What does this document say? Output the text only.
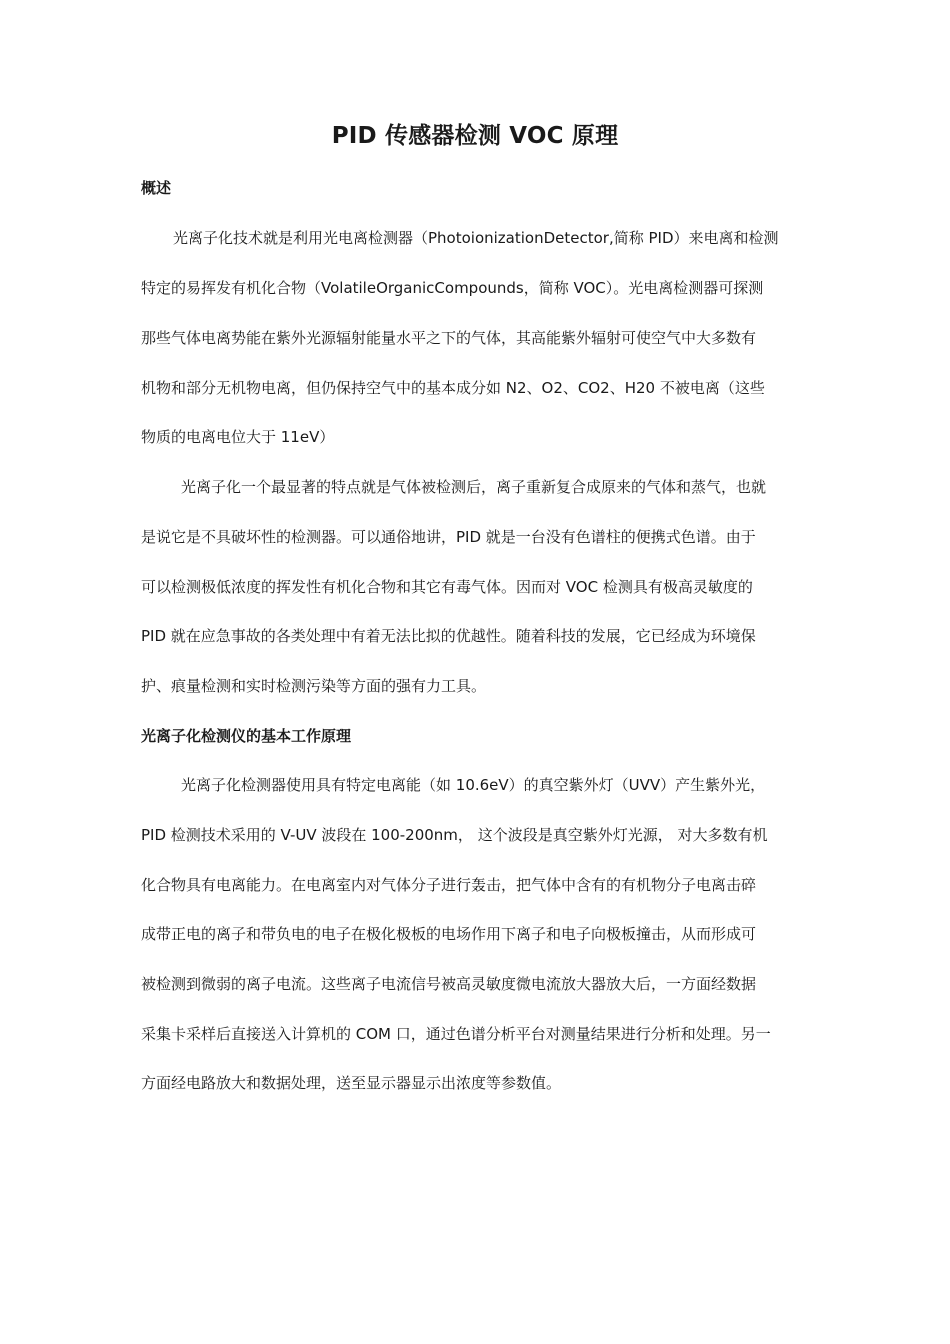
PID 传感器检测 VOC 原理
概述
光离子化技术就是利用光电离检测器（PhotoionizationDetector,简称 PID）来电离和检测
特定的易挥发有机化合物（VolatileOrganicCompounds，简称 VOC）。光电离检测器可探测
那些气体电离势能在紫外光源辐射能量水平之下的气体，其高能紫外辐射可使空气中大多数有
机物和部分无机物电离，但仍保持空气中的基本成分如 N2、O2、CO2、H20 不被电离（这些
物质的电离电位大于 11eV）
光离子化一个最显著的特点就是气体被检测后，离子重新复合成原来的气体和蒸气，也就
是说它是不具破坏性的检测器。可以通俗地讲，PID 就是一台没有色谱柱的便携式色谱。由于
可以检测极低浓度的挥发性有机化合物和其它有毒气体。因而对 VOC 检测具有极高灵敏度的
PID 就在应急事故的各类处理中有着无法比拟的优越性。随着科技的发展，它已经成为环境保
护、痕量检测和实时检测污染等方面的强有力工具。
光离子化检测仪的基本工作原理
光离子化检测器使用具有特定电离能（如 10.6eV）的真空紫外灯（UVV）产生紫外光，
PID 检测技术采用的 V-UV 波段在 100-200nm， 这个波段是真空紫外灯光源， 对大多数有机
化合物具有电离能力。在电离室内对气体分子进行轰击，把气体中含有的有机物分子电离击碎
成带正电的离子和带负电的电子在极化极板的电场作用下离子和电子向极板撞击，从而形成可
被检测到微弱的离子电流。这些离子电流信号被高灵敏度微电流放大器放大后，一方面经数据
采集卡采样后直接送入计算机的 COM 口，通过色谱分析平台对测量结果进行分析和处理。另一
方面经电路放大和数据处理，送至显示器显示出浓度等参数值。
